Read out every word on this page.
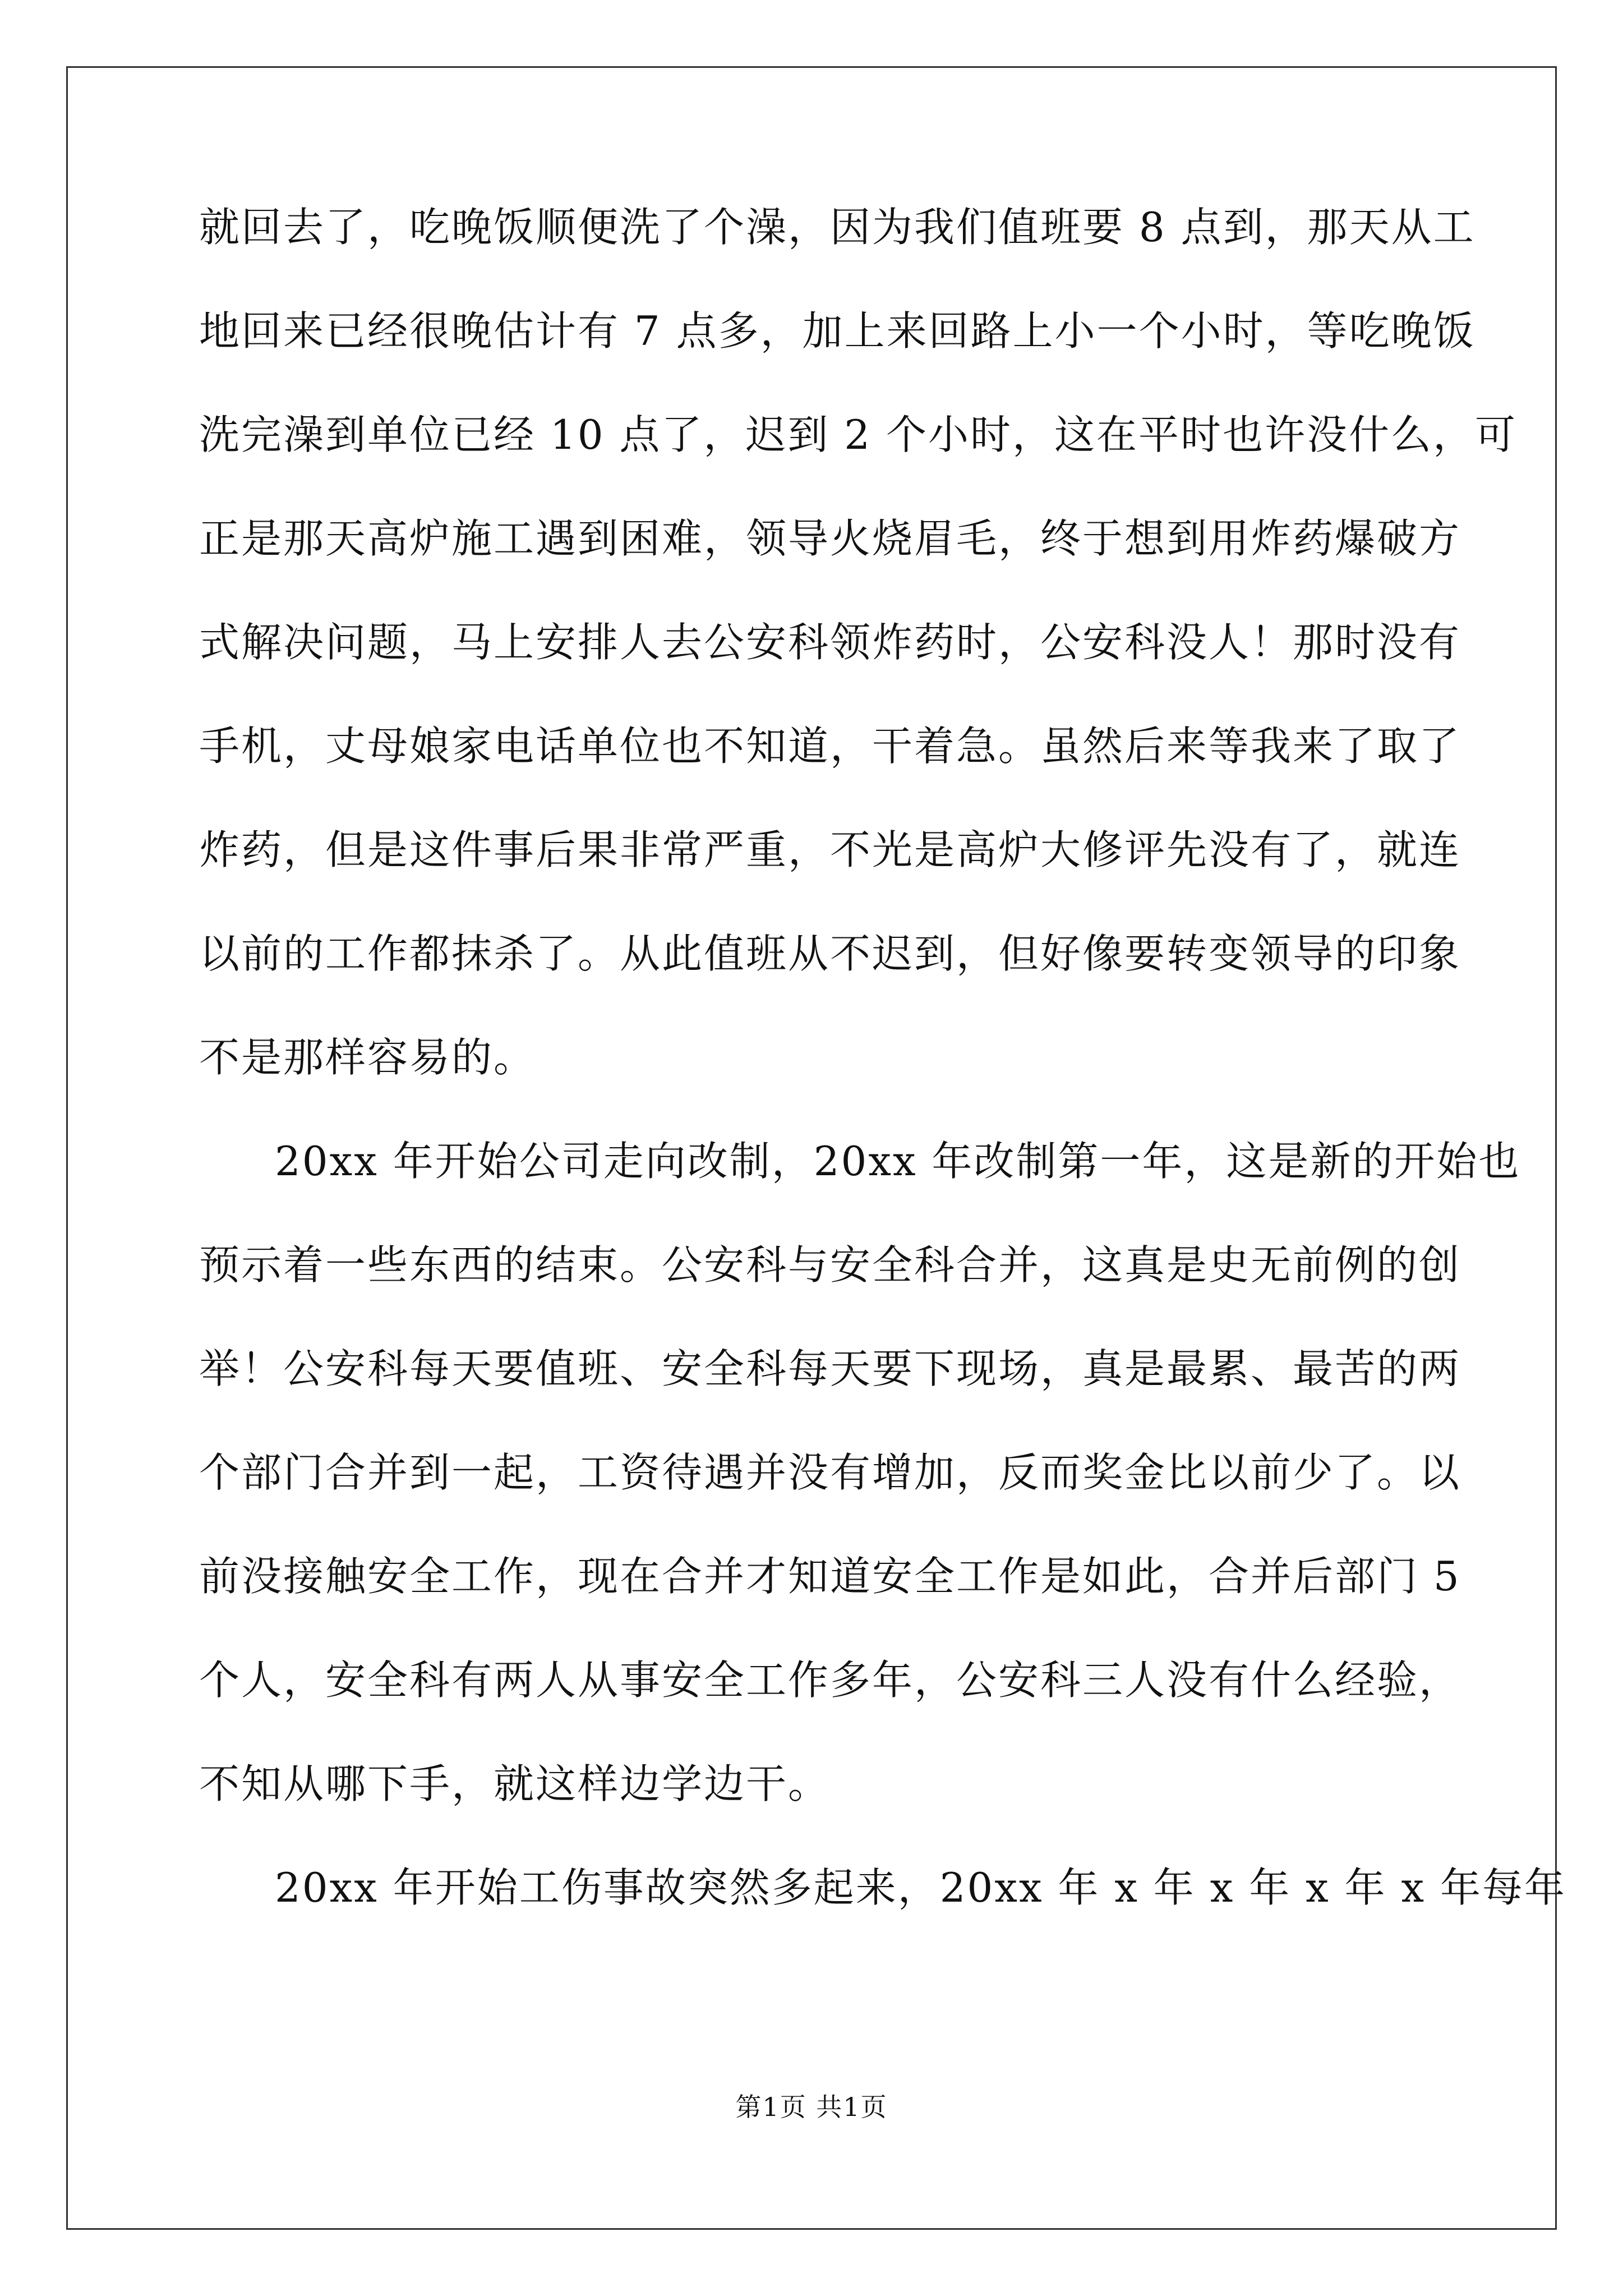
就回去了，吃晚饭顺便洗了个澡，因为我们值班要 8 点到，那天从工
地回来已经很晚估计有 7 点多，加上来回路上小一个小时，等吃晚饭
洗完澡到单位已经 10 点了，迟到 2 个小时，这在平时也许没什么，可
正是那天高炉施工遇到困难，领导火烧眉毛，终于想到用炸药爆破方
式解决问题，马上安排人去公安科领炸药时，公安科没人！那时没有
手机，丈母娘家电话单位也不知道，干着急。虽然后来等我来了取了
炸药，但是这件事后果非常严重，不光是高炉大修评先没有了，就连
以前的工作都抹杀了。从此值班从不迟到，但好像要转变领导的印象
不是那样容易的。
20xx 年开始公司走向改制，20xx 年改制第一年，这是新的开始也
预示着一些东西的结束。公安科与安全科合并，这真是史无前例的创
举！公安科每天要值班、安全科每天要下现场，真是最累、最苦的两
个部门合并到一起，工资待遇并没有增加，反而奖金比以前少了。以
前没接触安全工作，现在合并才知道安全工作是如此，合并后部门 5
个人，安全科有两人从事安全工作多年，公安科三人没有什么经验，
不知从哪下手，就这样边学边干。
20xx 年开始工伤事故突然多起来，20xx 年 x 年 x 年 x 年 x 年每年
第1页 共1页
